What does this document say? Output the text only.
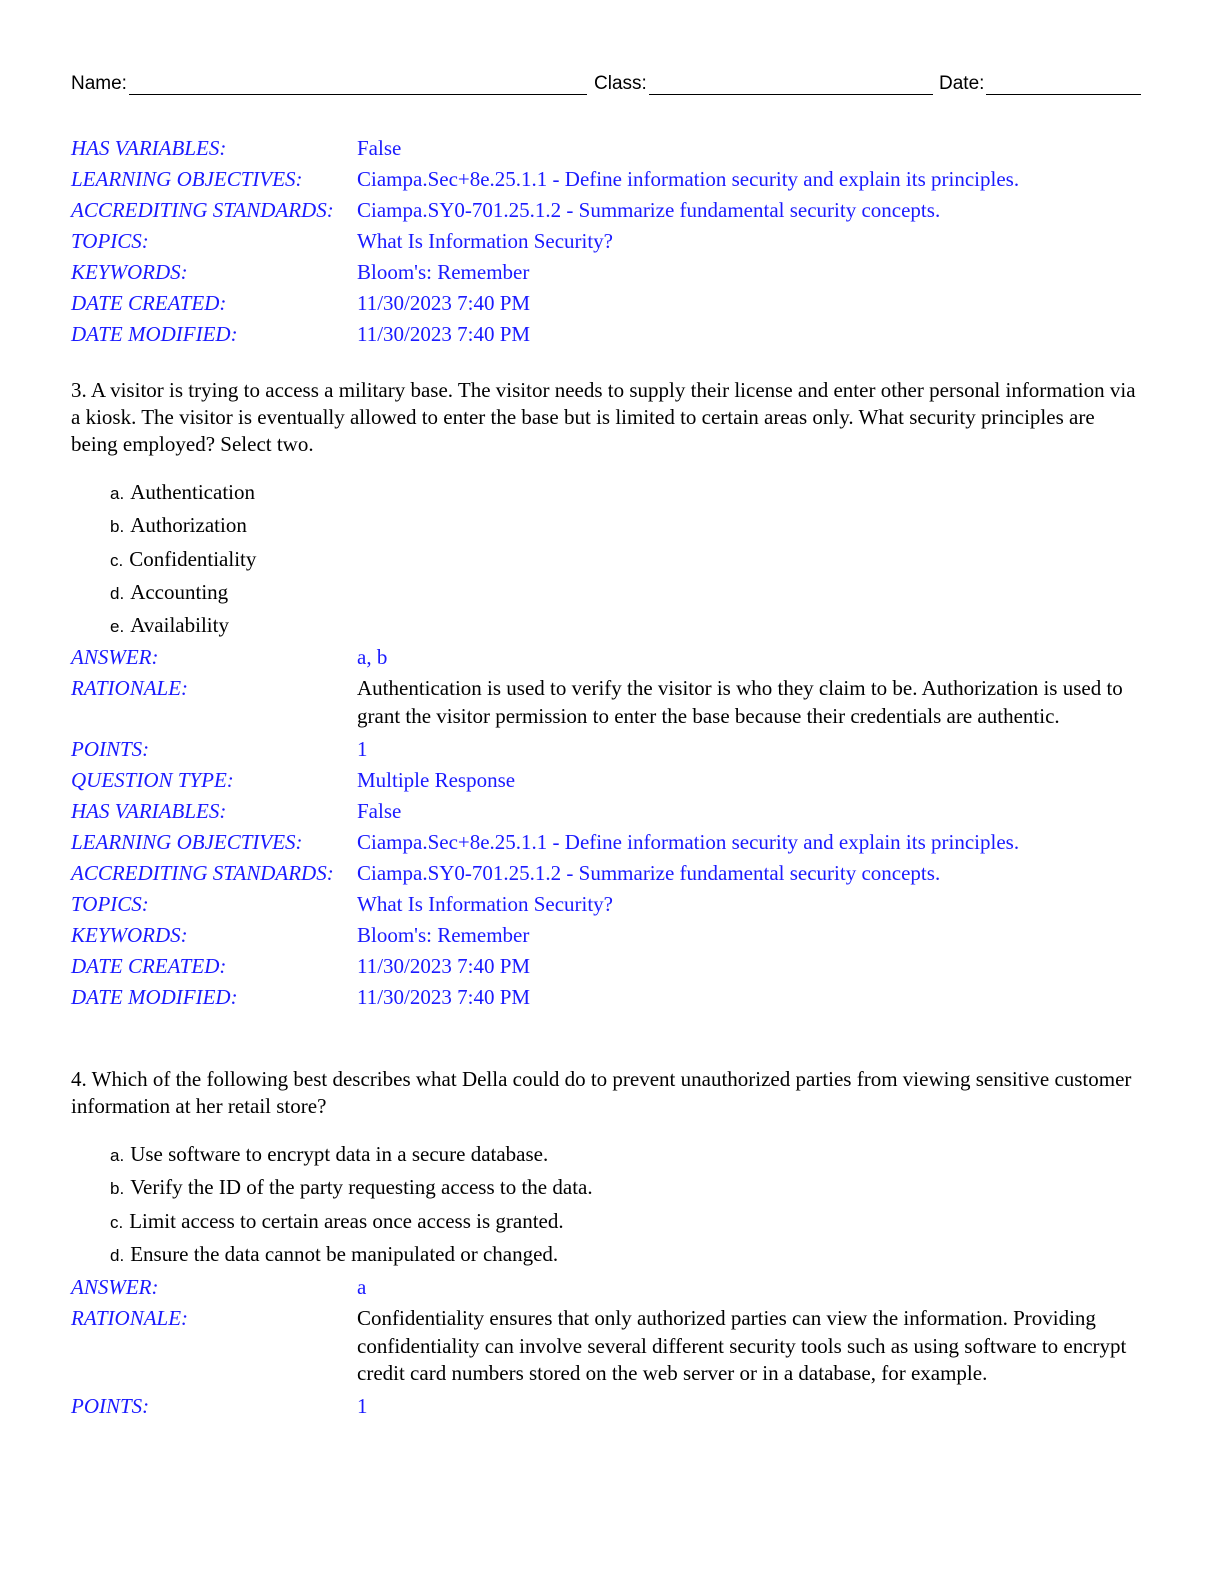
Name:	Class:	Date:
HAS VARIABLES:	False
LEARNING OBJECTIVES:	Ciampa.Sec+8e.25.1.1 - Define information security and explain its principles.
ACCREDITING STANDARDS: Ciampa.SY0-701.25.1.2 - Summarize fundamental security concepts.
TOPICS:	What Is Information Security?
KEYWORDS:	Bloom's: Remember
DATE CREATED:	11/30/2023 7:40 PM
DATE MODIFIED:	11/30/2023 7:40 PM
3. A visitor is trying to access a military base. The visitor needs to supply their license and enter other personal information via a kiosk. The visitor is eventually allowed to enter the base but is limited to certain areas only. What security principles are being employed? Select two.
a. Authentication
b. Authorization
c. Confidentiality
d. Accounting
e. Availability
ANSWER:	a, b
RATIONALE:	Authentication is used to verify the visitor is who they claim to be. Authorization is used to grant the visitor permission to enter the base because their credentials are authentic.
POINTS:	1
QUESTION TYPE:	Multiple Response
HAS VARIABLES:	False
LEARNING OBJECTIVES:	Ciampa.Sec+8e.25.1.1 - Define information security and explain its principles.
ACCREDITING STANDARDS: Ciampa.SY0-701.25.1.2 - Summarize fundamental security concepts.
TOPICS:	What Is Information Security?
KEYWORDS:	Bloom's: Remember
DATE CREATED:	11/30/2023 7:40 PM
DATE MODIFIED:	11/30/2023 7:40 PM
4. Which of the following best describes what Della could do to prevent unauthorized parties from viewing sensitive customer information at her retail store?
a. Use software to encrypt data in a secure database.
b. Verify the ID of the party requesting access to the data.
c. Limit access to certain areas once access is granted.
d. Ensure the data cannot be manipulated or changed.
ANSWER:	a
RATIONALE:	Confidentiality ensures that only authorized parties can view the information. Providing confidentiality can involve several different security tools such as using software to encrypt credit card numbers stored on the web server or in a database, for example.
POINTS:	1
